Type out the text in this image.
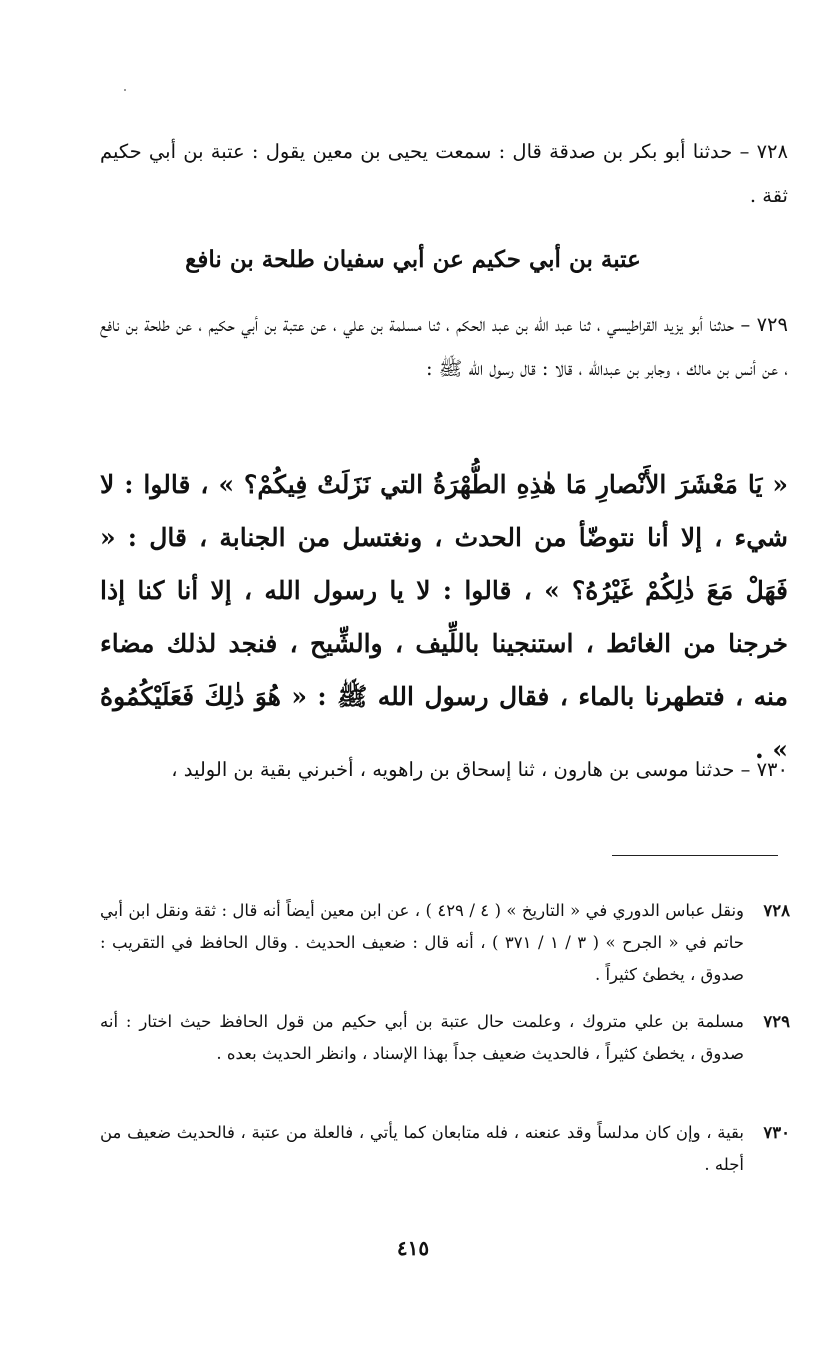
٧٢٨ – حدثنا أبو بكر بن صدقة قال : سمعت يحيى بن معين يقول : عتبة بن أبي حكيم ثقة .
عتبة بن أبي حكيم عن أبي سفيان طلحة بن نافع
٧٢٩ – حدثنا أبو يزيد القراطيسي ، ثنا عبد الله بن عبد الحكم ، ثنا مسلمة بن علي ، عن عتبة بن أبي حكيم ، عن طلحة بن نافع ، عن أنس بن مالك ، وجابر بن عبدالله ، قالا : قال رسول الله ﷺ :
« يَا مَعْشَرَ الأَنْصارِ مَا هٰذِهِ الطُّهْرَةُ التي نَزَلَتْ فِيكُمْ؟ » ، قالوا : لا شيء ، إلا أنا نتوضّأ من الحدث ، ونغتسل من الجنابة ، قال : « فَهَلْ مَعَ ذٰلِكُمْ غَيْرُهُ؟ » ، قالوا : لا يا رسول الله ، إلا أنا كنا إذا خرجنا من الغائط ، استنجينا باللِّيف ، والشِّيح ، فنجد لذلك مضاء منه ، فتطهرنا بالماء ، فقال رسول الله ﷺ : « هُوَ ذٰلِكَ فَعَلَيْكُمُوهُ » .
٧٣٠ – حدثنا موسى بن هارون ، ثنا إسحاق بن راهويه ، أخبرني بقية بن الوليد ،
٧٢٨
ونقل عباس الدوري في « التاريخ » ( ٤ / ٤٢٩ ) ، عن ابن معين أيضاً أنه قال : ثقة ونقل ابن أبي حاتم في « الجرح » ( ٣ / ١ / ٣٧١ ) ، أنه قال : ضعيف الحديث . وقال الحافظ في التقريب : صدوق ، يخطئ كثيراً .
٧٢٩
مسلمة بن علي متروك ، وعلمت حال عتبة بن أبي حكيم من قول الحافظ حيث اختار : أنه صدوق ، يخطئ كثيراً ، فالحديث ضعيف جداً بهذا الإسناد ، وانظر الحديث بعده .
٧٣٠
بقية ، وإن كان مدلساً وقد عنعنه ، فله متابعان كما يأتي ، فالعلة من عتبة ، فالحديث ضعيف من أجله .
٤١٥
